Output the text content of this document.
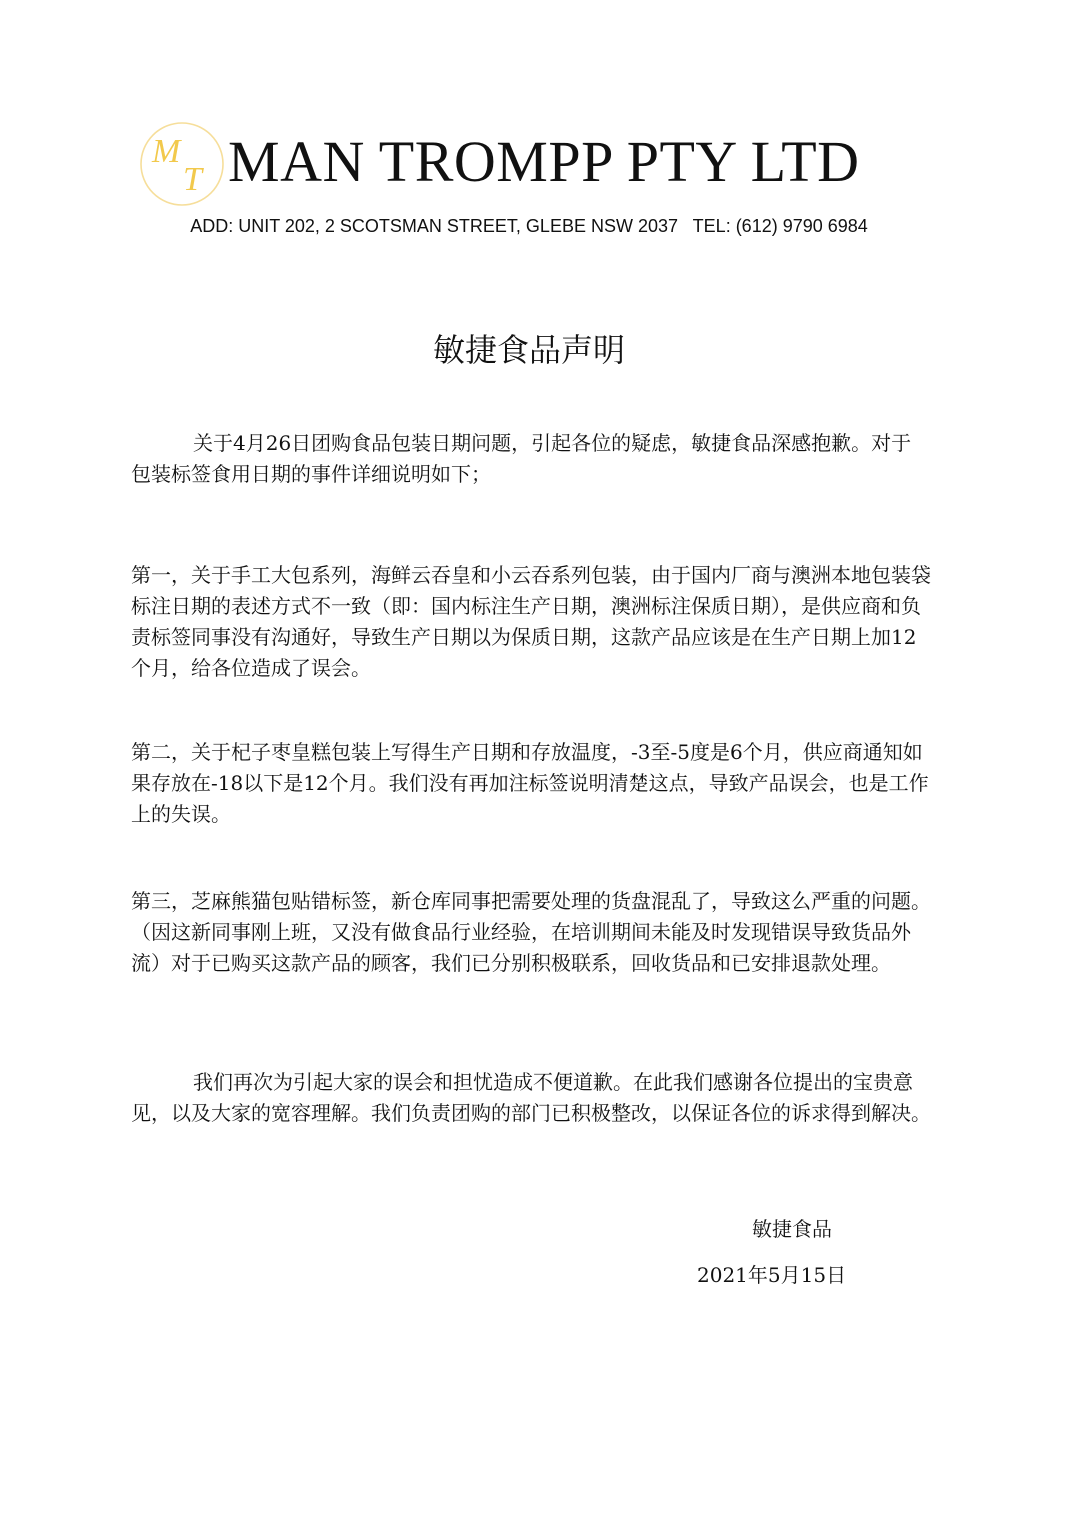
M
T MAN TROMPP PTY LTD
ADD: UNIT 202, 2 SCOTSMAN STREET, GLEBE NSW 2037   TEL: (612) 9790 6984
敏捷食品声明

关于4月26日团购食品包装日期问题，引起各位的疑虑，敏捷食品深感抱歉。对于包装标签食用日期的事件详细说明如下；

第一，关于手工大包系列，海鲜云吞皇和小云吞系列包装，由于国内厂商与澳洲本地包装袋标注日期的表述方式不一致（即：国内标注生产日期，澳洲标注保质日期），是供应商和负责标签同事没有沟通好，导致生产日期以为保质日期，这款产品应该是在生产日期上加12个月，给各位造成了误会。

第二，关于杞子枣皇糕包装上写得生产日期和存放温度，-3至-5度是6个月，供应商通知如果存放在-18以下是12个月。我们没有再加注标签说明清楚这点，导致产品误会，也是工作上的失误。

第三，芝麻熊猫包贴错标签，新仓库同事把需要处理的货盘混乱了，导致这么严重的问题。（因这新同事刚上班，又没有做食品行业经验，在培训期间未能及时发现错误导致货品外流）对于已购买这款产品的顾客，我们已分别积极联系，回收货品和已安排退款处理。

我们再次为引起大家的误会和担忧造成不便道歉。在此我们感谢各位提出的宝贵意见，以及大家的宽容理解。我们负责团购的部门已积极整改，以保证各位的诉求得到解决。

敏捷食品
2021年5月15日
